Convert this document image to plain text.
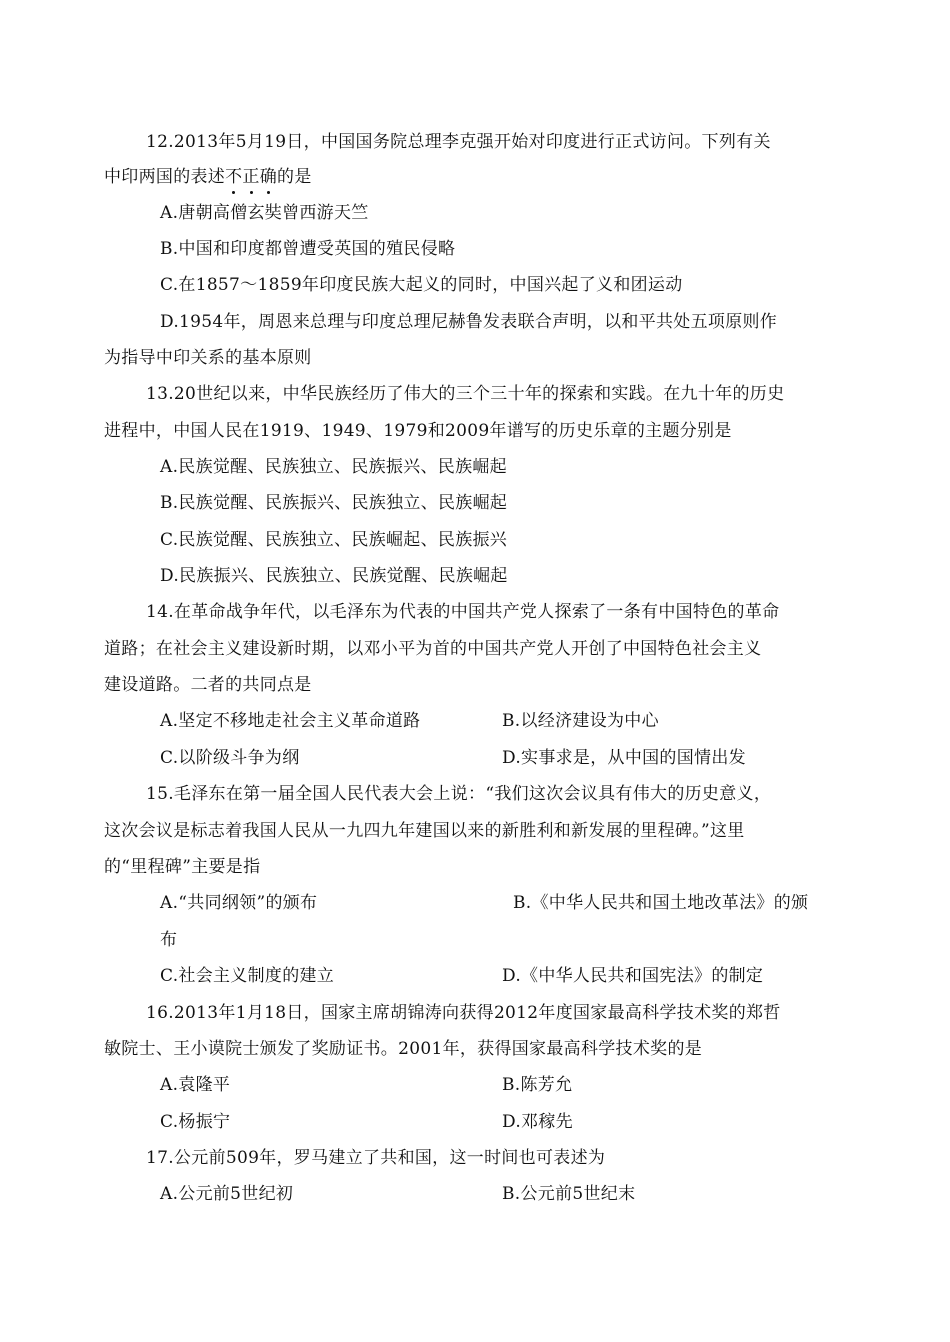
12.2013年5月19日，中国国务院总理李克强开始对印度进行正式访问。下列有关
中印两国的表述不正确的是
A.唐朝高僧玄奘曾西游天竺
B.中国和印度都曾遭受英国的殖民侵略
C.在1857～1859年印度民族大起义的同时，中国兴起了义和团运动
D.1954年，周恩来总理与印度总理尼赫鲁发表联合声明，以和平共处五项原则作
为指导中印关系的基本原则
13.20世纪以来，中华民族经历了伟大的三个三十年的探索和实践。在九十年的历史
进程中，中国人民在1919、1949、1979和2009年谱写的历史乐章的主题分别是
A.民族觉醒、民族独立、民族振兴、民族崛起
B.民族觉醒、民族振兴、民族独立、民族崛起
C.民族觉醒、民族独立、民族崛起、民族振兴
D.民族振兴、民族独立、民族觉醒、民族崛起
14.在革命战争年代，以毛泽东为代表的中国共产党人探索了一条有中国特色的革命
道路；在社会主义建设新时期，以邓小平为首的中国共产党人开创了中国特色社会主义
建设道路。二者的共同点是
A.坚定不移地走社会主义革命道路	B.以经济建设为中心
C.以阶级斗争为纲	D.实事求是，从中国的国情出发
15.毛泽东在第一届全国人民代表大会上说：“我们这次会议具有伟大的历史意义，
这次会议是标志着我国人民从一九四九年建国以来的新胜利和新发展的里程碑。”这里
的“里程碑”主要是指
A.“共同纲领”的颁布	B.《中华人民共和国土地改革法》的颁
布
C.社会主义制度的建立	D.《中华人民共和国宪法》的制定
16.2013年1月18日，国家主席胡锦涛向获得2012年度国家最高科学技术奖的郑哲
敏院士、王小谟院士颁发了奖励证书。2001年，获得国家最高科学技术奖的是
A.袁隆平	B.陈芳允
C.杨振宁	D.邓稼先
17.公元前509年，罗马建立了共和国，这一时间也可表述为
A.公元前5世纪初	B.公元前5世纪末
